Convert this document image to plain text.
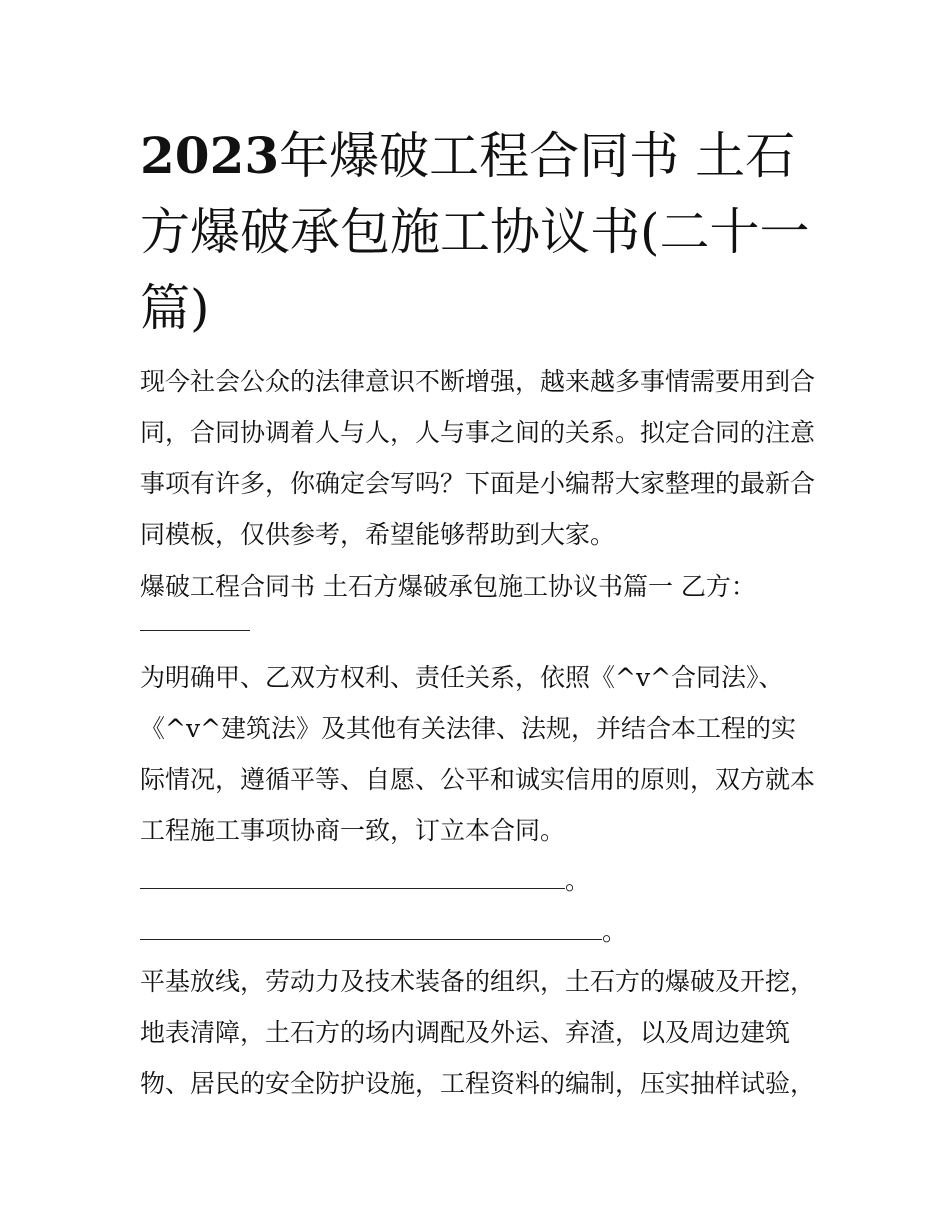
2023年爆破工程合同书 土石方爆破承包施工协议书(二十一篇)

现今社会公众的法律意识不断增强，越来越多事情需要用到合同，合同协调着人与人，人与事之间的关系。拟定合同的注意事项有许多，你确定会写吗？下面是小编帮大家整理的最新合同模板，仅供参考，希望能够帮助到大家。

爆破工程合同书 土石方爆破承包施工协议书篇一 乙方：

为明确甲、乙双方权利、责任关系，依照《^v^合同法》、《^v^建筑法》及其他有关法律、法规，并结合本工程的实际情况，遵循平等、自愿、公平和诚实信用的原则，双方就本工程施工事项协商一致，订立本合同。

。
。

平基放线，劳动力及技术装备的组织，土石方的爆破及开挖，地表清障，土石方的场内调配及外运、弃渣，以及周边建筑物、居民的安全防护设施，工程资料的编制，压实抽样试验，
